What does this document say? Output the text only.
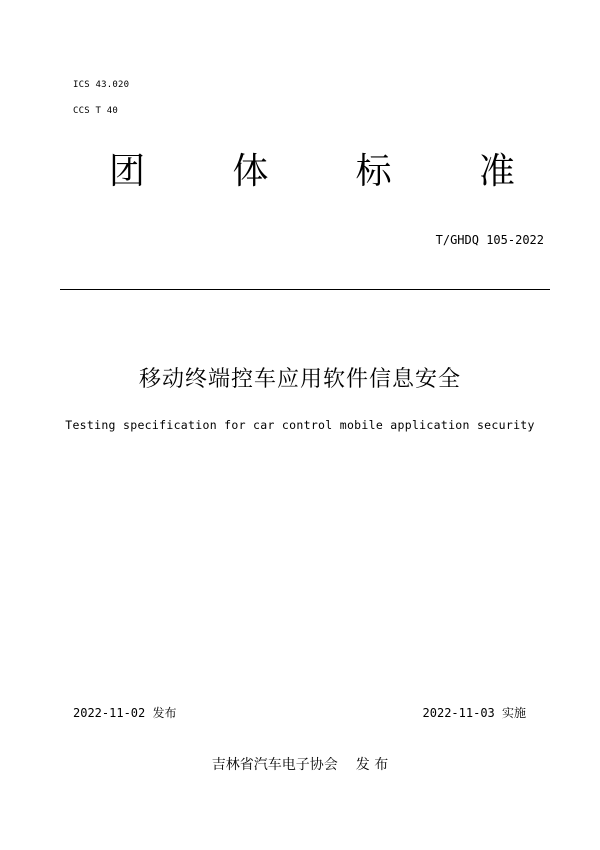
ICS 43.020
CCS T 40
团	体	标	准
T/GHDQ 105-2022
移动终端控车应用软件信息安全
Testing specification for car control mobile application security
2022-11-02 发布	2022-11-03 实施
吉林省汽车电子协会 发 布
